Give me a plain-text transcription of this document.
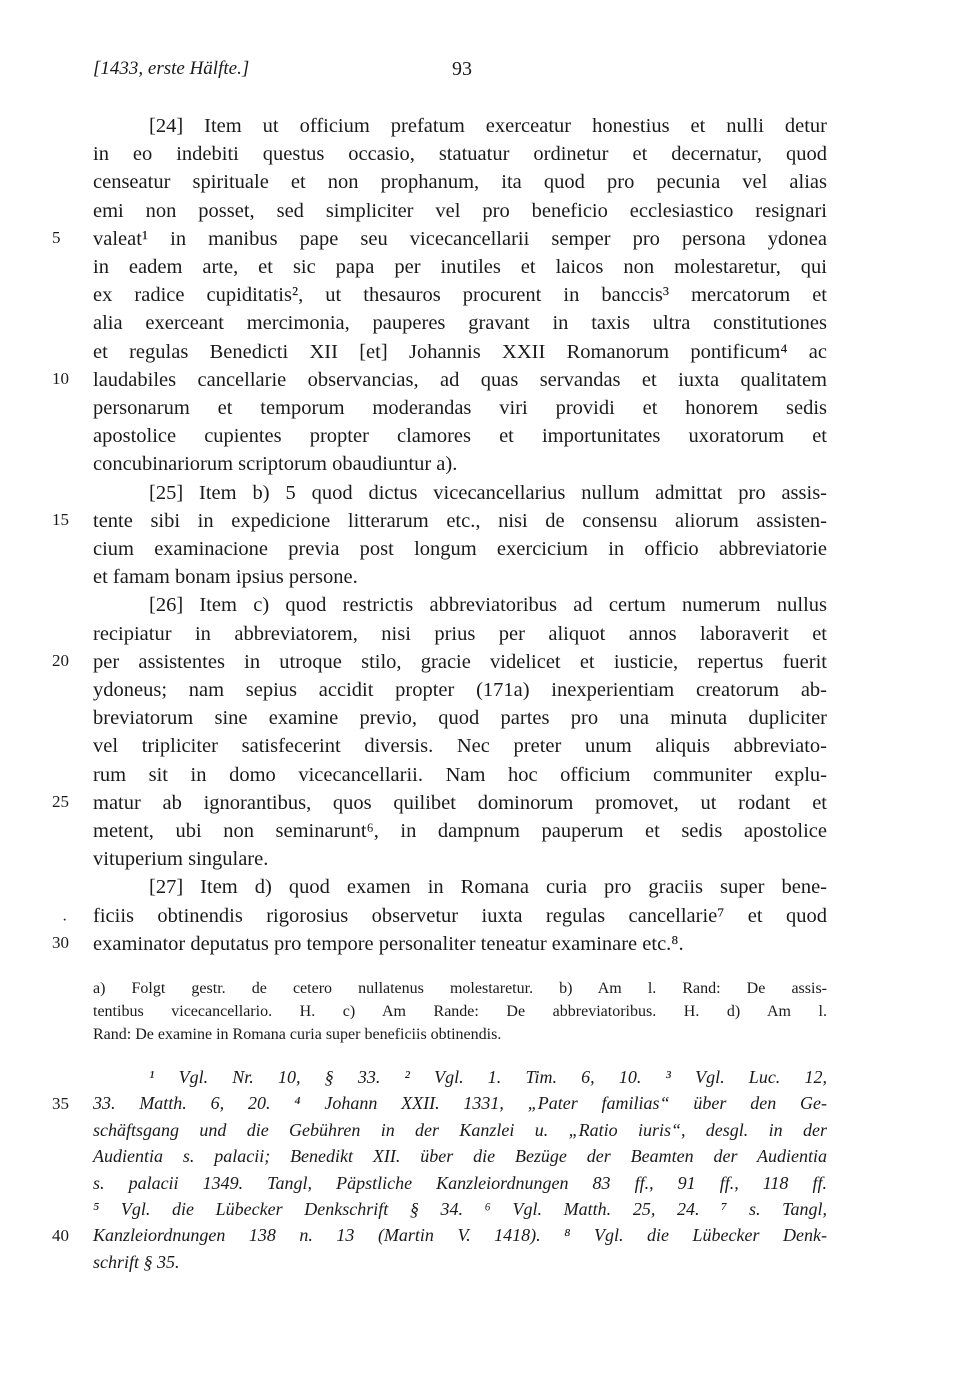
[1433, erste Hälfte.]	93
[24] Item ut officium prefatum exerceatur honestius et nulli detur
in eo indebiti questus occasio, statuatur ordinetur et decernatur, quod
censeatur spirituale et non prophanum, ita quod pro pecunia vel alias
emi non posset, sed simpliciter vel pro beneficio ecclesiastico resignari
valeat¹ in manibus pape seu vicecancellarii semper pro persona ydonea
5
in eadem arte, et sic papa per inutiles et laicos non molestaretur, qui
ex radice cupiditatis², ut thesauros procurent in banccis³ mercatorum et
alia exerceant mercimonia, pauperes gravant in taxis ultra constitutiones
et regulas Benedicti XII [et] Johannis XXII Romanorum pontificum⁴ ac
laudabiles cancellarie observancias, ad quas servandas et iuxta qualitatem
10
personarum et temporum moderandas viri providi et honorem sedis
apostolice cupientes propter clamores et importunitates uxoratorum et
concubinariorum scriptorum obaudiuntur a).
[25] Item b) 5 quod dictus vicecancellarius nullum admittat pro assis-
tente sibi in expedicione litterarum etc., nisi de consensu aliorum assisten-
15
cium examinacione previa post longum exercicium in officio abbreviatorie
et famam bonam ipsius persone.
[26] Item c) quod restrictis abbreviatoribus ad certum numerum nullus
recipiatur in abbreviatorem, nisi prius per aliquot annos laboraverit et
per assistentes in utroque stilo, gracie videlicet et iusticie, repertus fuerit
20
ydoneus; nam sepius accidit propter (171a) inexperientiam creatorum ab-
breviatorum sine examine previo, quod partes pro una minuta dupliciter
vel tripliciter satisfecerint diversis. Nec preter unum aliquis abbreviato-
rum sit in domo vicecancellarii. Nam hoc officium communiter explu-
matur ab ignorantibus, quos quilibet dominorum promovet, ut rodant et
25
metent, ubi non seminarunt⁶, in dampnum pauperum et sedis apostolice
vituperium singulare.
[27] Item d) quod examen in Romana curia pro graciis super bene-
ficiis obtinendis rigorosius observetur iuxta regulas cancellarie⁷ et quod
examinator deputatus pro tempore personaliter teneatur examinare etc.⁸.
30
a) Folgt gestr. de cetero nullatenus molestaretur. b) Am l. Rand: De assis-
tentibus vicecancellario. H. c) Am Rande: De abbreviatoribus. H. d) Am l.
Rand: De examine in Romana curia super beneficiis obtinendis.
¹ Vgl. Nr. 10, § 33. ² Vgl. 1. Tim. 6, 10. ³ Vgl. Luc. 12,
33. Matth. 6, 20. ⁴ Johann XXII. 1331, „Pater familias“ über den Ge-
35
schäftsgang und die Gebühren in der Kanzlei u. „Ratio iuris“, desgl. in der
Audientia s. palacii; Benedikt XII. über die Bezüge der Beamten der Audientia
s. palacii 1349. Tangl, Päpstliche Kanzleiordnungen 83 ff., 91 ff., 118 ff.
⁵ Vgl. die Lübecker Denkschrift § 34. ⁶ Vgl. Matth. 25, 24. ⁷ s. Tangl,
Kanzleiordnungen 138 n. 13 (Martin V. 1418). ⁸ Vgl. die Lübecker Denk-
40
schrift § 35.
·
